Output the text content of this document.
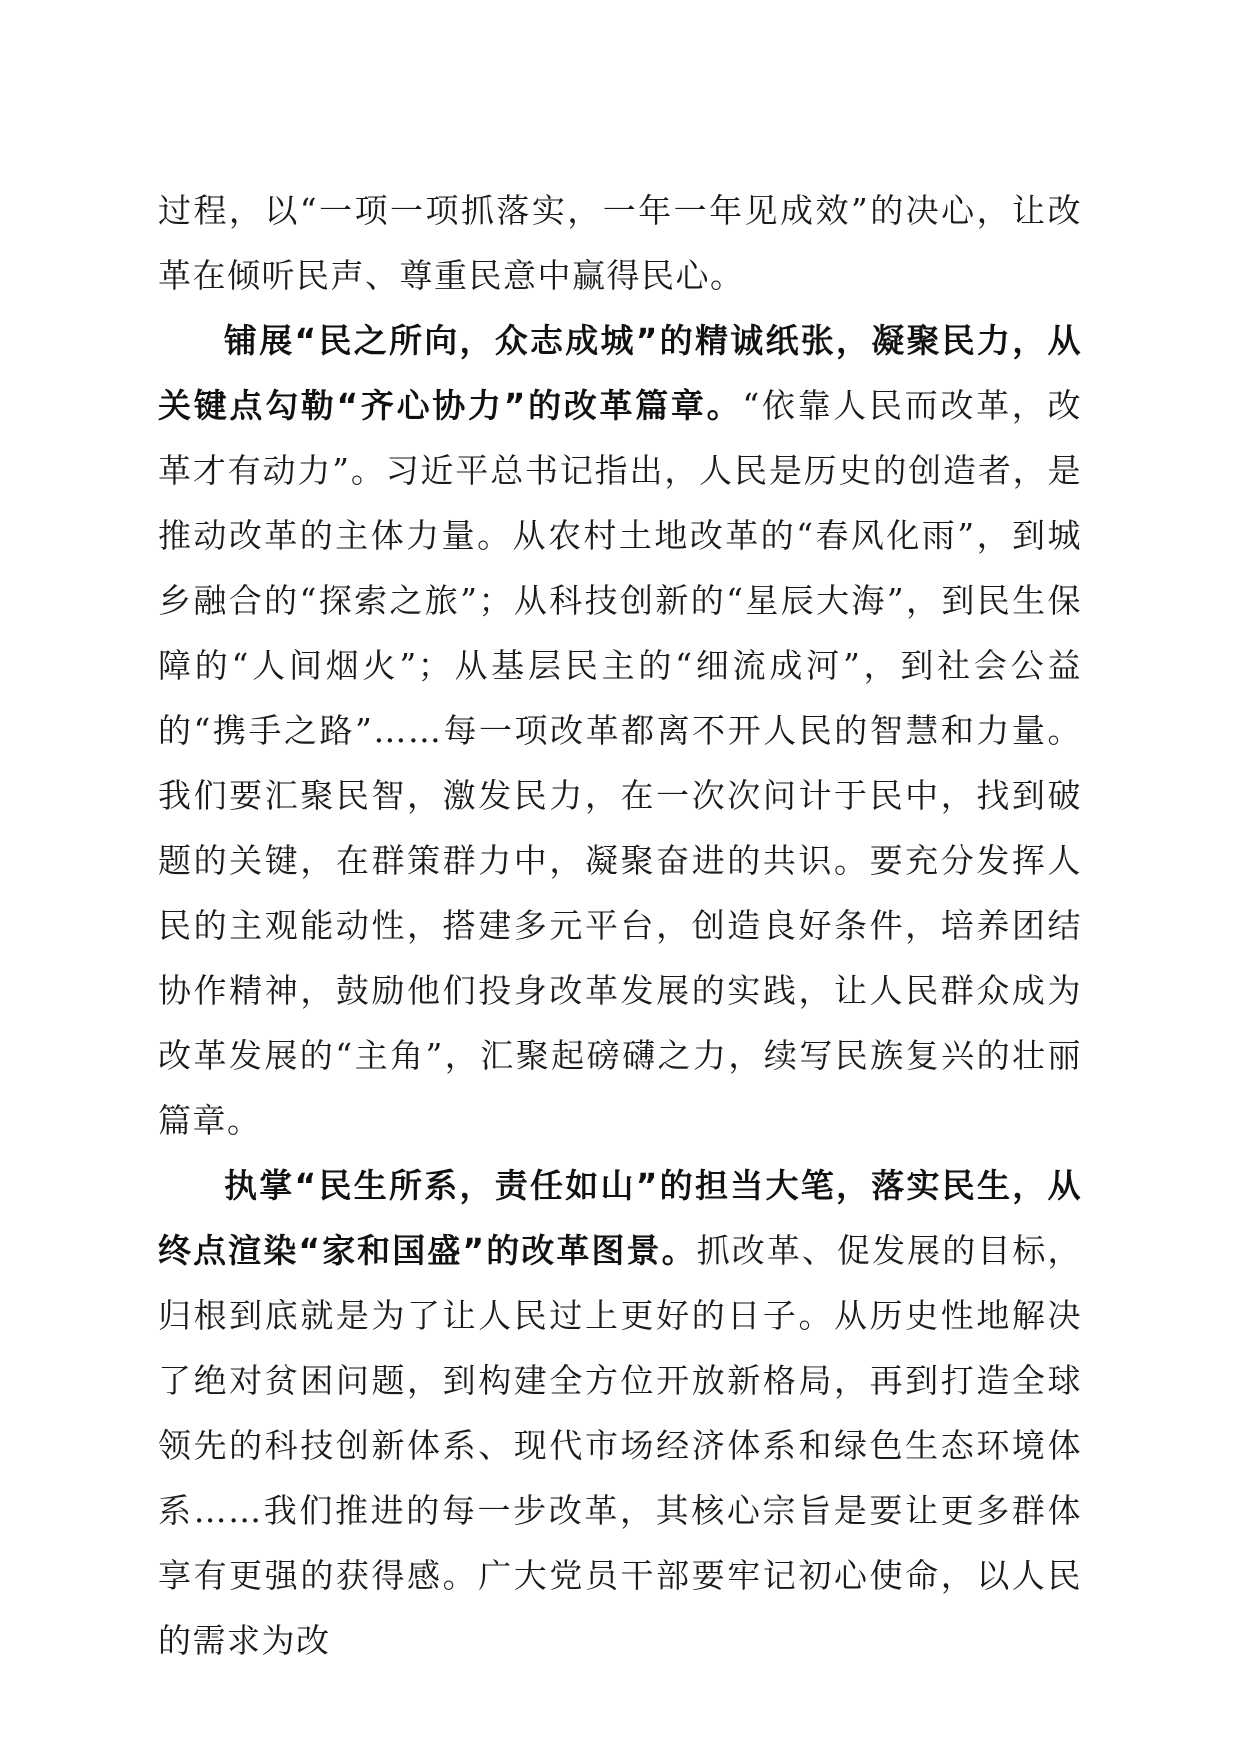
过程，以“一项一项抓落实，一年一年见成效”的决心，让改革在倾听民声、尊重民意中赢得民心。

铺展“民之所向，众志成城”的精诚纸张，凝聚民力，从关键点勾勒“齐心协力”的改革篇章。“依靠人民而改革，改革才有动力”。习近平总书记指出，人民是历史的创造者，是推动改革的主体力量。从农村土地改革的“春风化雨”，到城乡融合的“探索之旅”；从科技创新的“星辰大海”，到民生保障的“人间烟火”；从基层民主的“细流成河”，到社会公益的“携手之路”……每一项改革都离不开人民的智慧和力量。我们要汇聚民智，激发民力，在一次次问计于民中，找到破题的关键，在群策群力中，凝聚奋进的共识。要充分发挥人民的主观能动性，搭建多元平台，创造良好条件，培养团结协作精神，鼓励他们投身改革发展的实践，让人民群众成为改革发展的“主角”，汇聚起磅礴之力，续写民族复兴的壮丽篇章。

执掌“民生所系，责任如山”的担当大笔，落实民生，从终点渲染“家和国盛”的改革图景。抓改革、促发展的目标，归根到底就是为了让人民过上更好的日子。从历史性地解决了绝对贫困问题，到构建全方位开放新格局，再到打造全球领先的科技创新体系、现代市场经济体系和绿色生态环境体系……我们推进的每一步改革，其核心宗旨是要让更多群体享有更强的获得感。广大党员干部要牢记初心使命，以人民的需求为改
